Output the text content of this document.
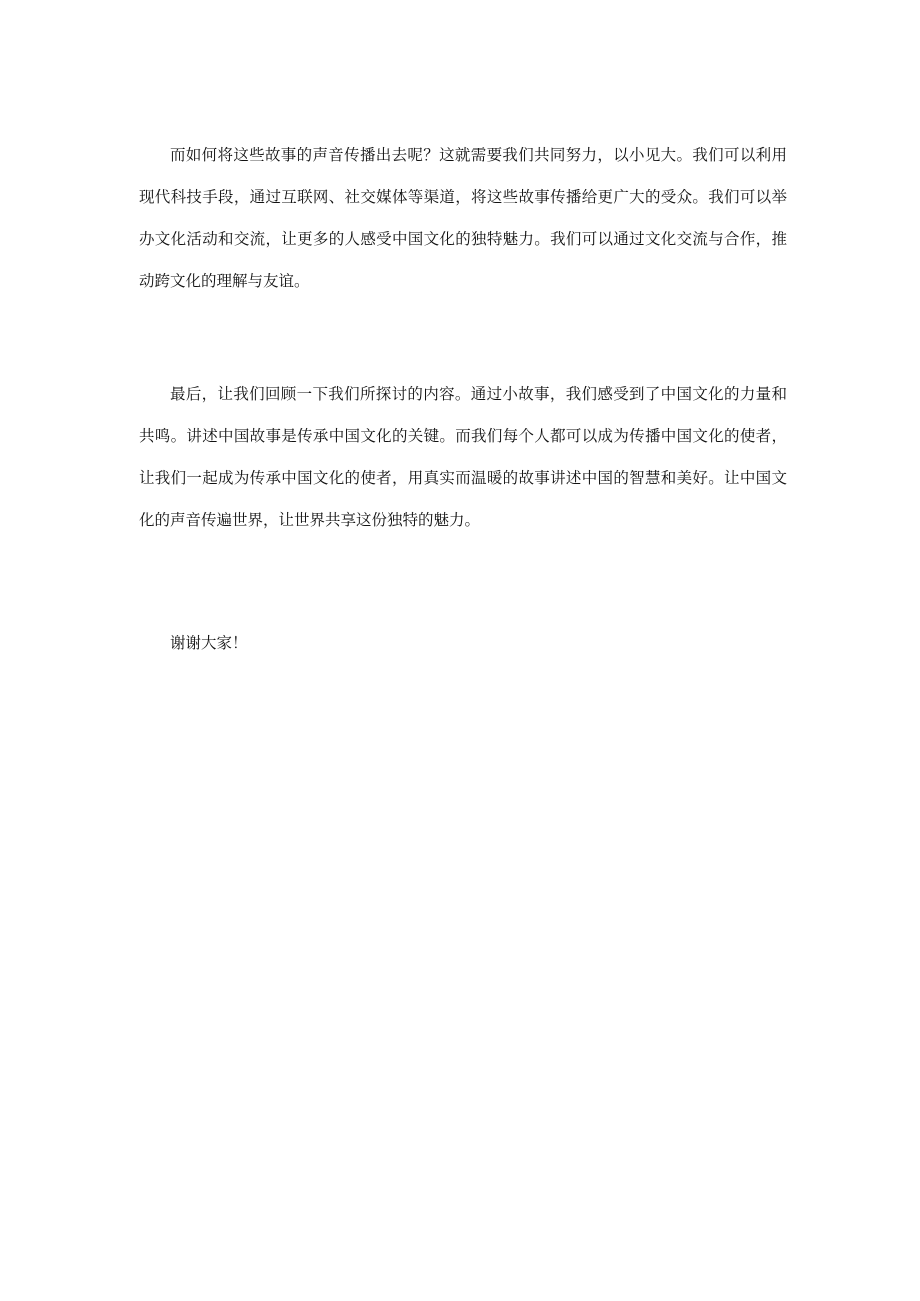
而如何将这些故事的声音传播出去呢？这就需要我们共同努力，以小见大。我们可以利用现代科技手段，通过互联网、社交媒体等渠道，将这些故事传播给更广大的受众。我们可以举办文化活动和交流，让更多的人感受中国文化的独特魅力。我们可以通过文化交流与合作，推动跨文化的理解与友谊。

最后，让我们回顾一下我们所探讨的内容。通过小故事，我们感受到了中国文化的力量和共鸣。讲述中国故事是传承中国文化的关键。而我们每个人都可以成为传播中国文化的使者，让我们一起成为传承中国文化的使者，用真实而温暖的故事讲述中国的智慧和美好。让中国文化的声音传遍世界，让世界共享这份独特的魅力。

谢谢大家！
